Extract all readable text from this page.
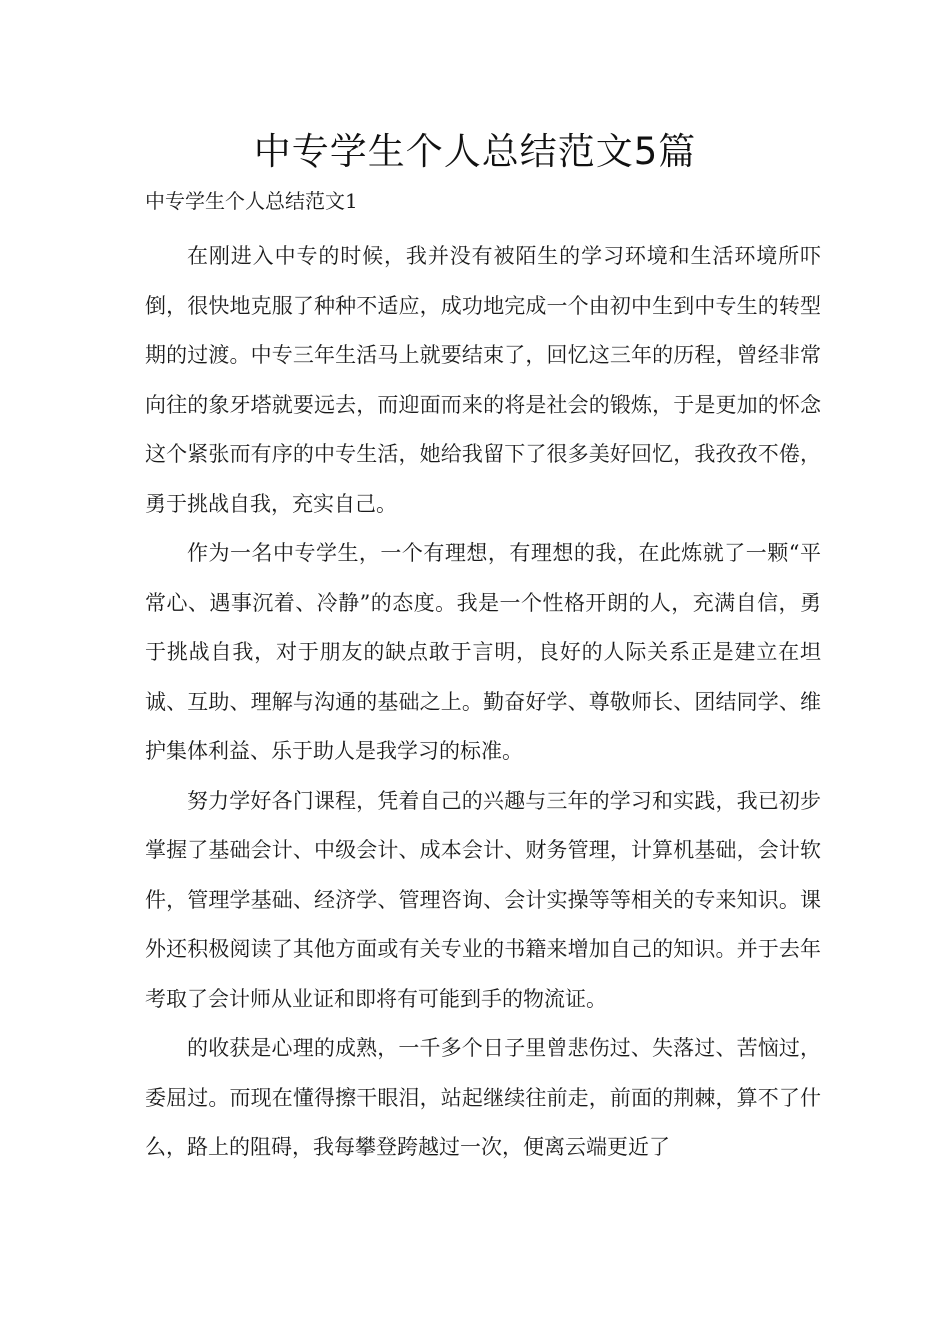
中专学生个人总结范文5篇

中专学生个人总结范文1

在刚进入中专的时候，我并没有被陌生的学习环境和生活环境所吓倒，很快地克服了种种不适应，成功地完成一个由初中生到中专生的转型期的过渡。中专三年生活马上就要结束了，回忆这三年的历程，曾经非常向往的象牙塔就要远去，而迎面而来的将是社会的锻炼，于是更加的怀念这个紧张而有序的中专生活，她给我留下了很多美好回忆，我孜孜不倦，勇于挑战自我，充实自己。

作为一名中专学生，一个有理想，有理想的我，在此炼就了一颗“平常心、遇事沉着、冷静”的态度。我是一个性格开朗的人，充满自信，勇于挑战自我，对于朋友的缺点敢于言明，良好的人际关系正是建立在坦诚、互助、理解与沟通的基础之上。勤奋好学、尊敬师长、团结同学、维护集体利益、乐于助人是我学习的标准。

努力学好各门课程，凭着自己的兴趣与三年的学习和实践，我已初步掌握了基础会计、中级会计、成本会计、财务管理，计算机基础，会计软件，管理学基础、经济学、管理咨询、会计实操等等相关的专来知识。课外还积极阅读了其他方面或有关专业的书籍来增加自己的知识。并于去年考取了会计师从业证和即将有可能到手的物流证。

的收获是心理的成熟，一千多个日子里曾悲伤过、失落过、苦恼过，委屈过。而现在懂得擦干眼泪，站起继续往前走，前面的荆棘，算不了什么，路上的阻碍，我每攀登跨越过一次，便离云端更近了
